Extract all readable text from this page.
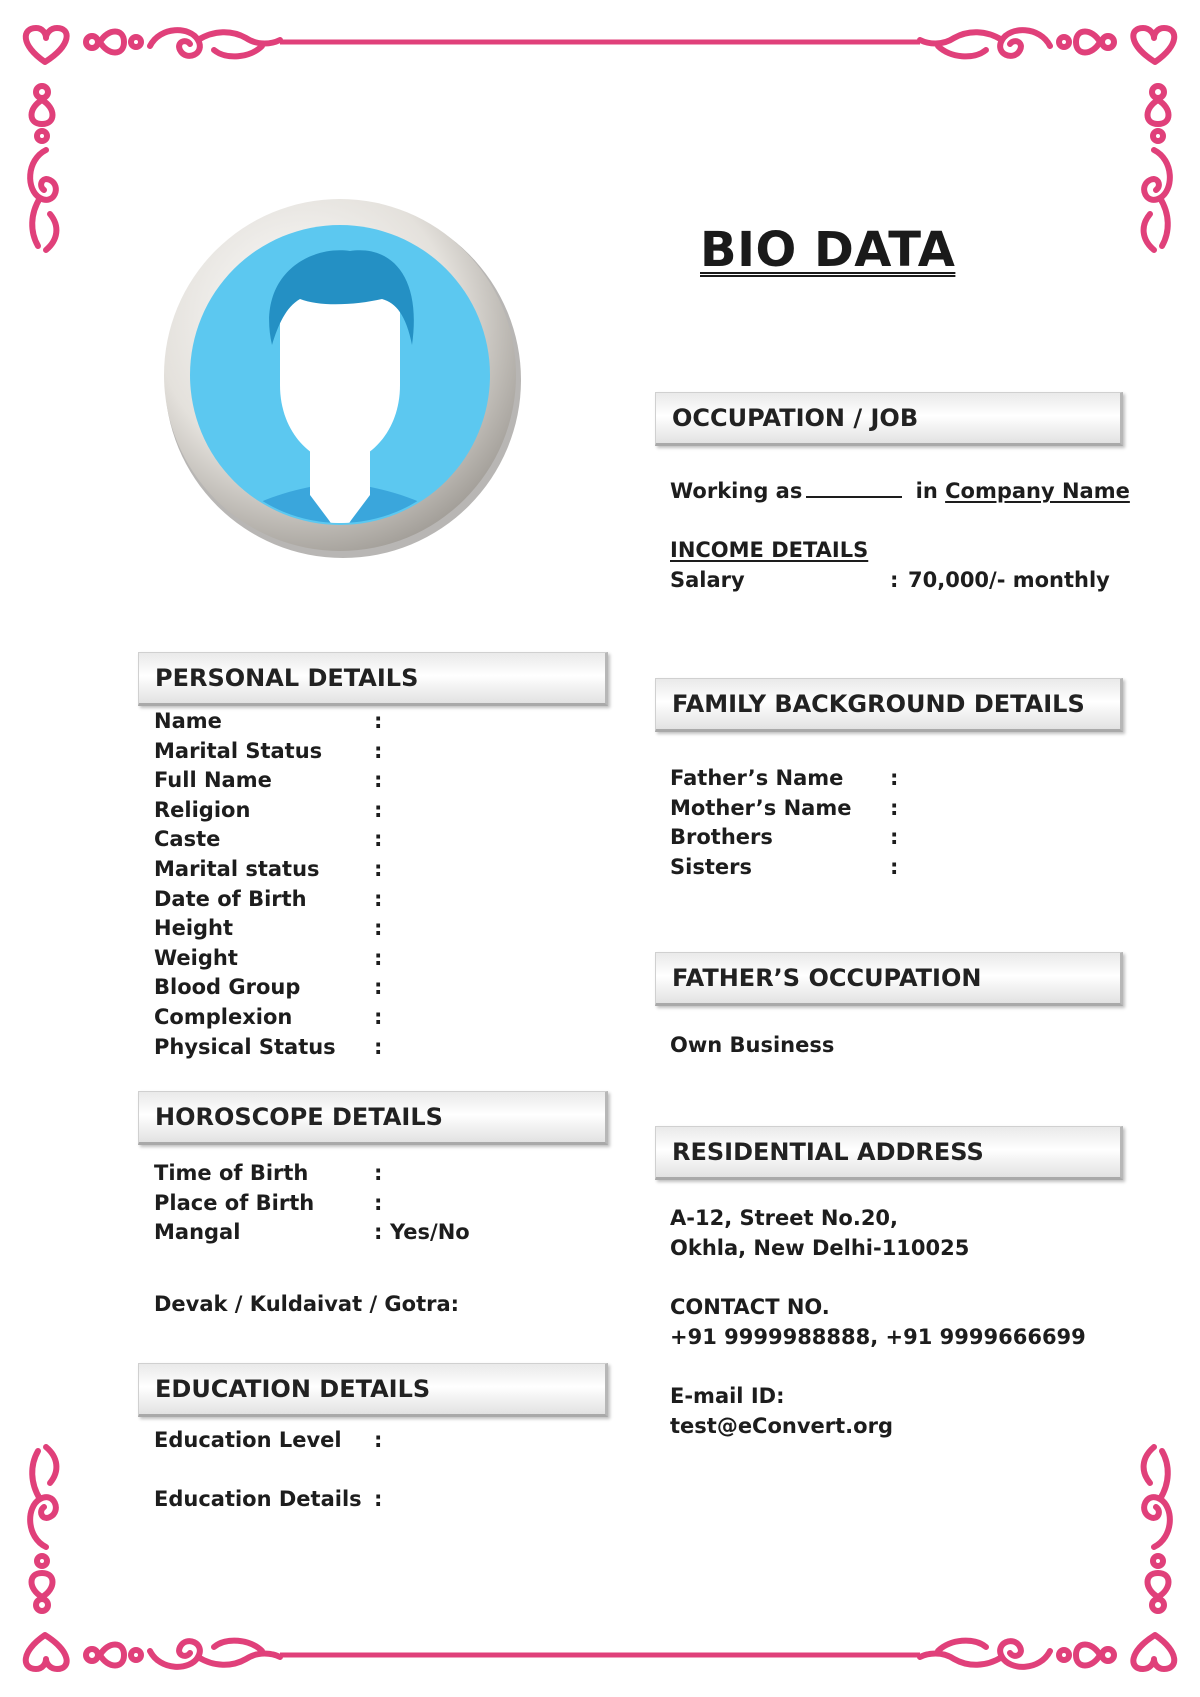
BIO DATA
OCCUPATION / JOB
Working as	in Company Name
INCOME DETAILS
Salary	: 70,000/- monthly
PERSONAL DETAILS
Name	:
Marital Status :
Full Name	:
Religion	:
Caste	:
Marital status	:
Date of Birth	:
Height	:
Weight	:
Blood Group	:
Complexion	:
Physical Status :
HOROSCOPE DETAILS
Time of Birth	:
Place of Birth	:
Mangal	: Yes/No
Devak / Kuldaivat / Gotra:
EDUCATION DETAILS
Education Level :
Education Details :
FAMILY BACKGROUND DETAILS
Father’s Name :
Mother’s Name :
Brothers	:
Sisters	:
FATHER’S OCCUPATION
Own Business
RESIDENTIAL ADDRESS
A-12, Street No.20,
Okhla, New Delhi-110025
CONTACT NO.
+91 9999988888, +91 9999666699
E-mail ID:
test@eConvert.org
